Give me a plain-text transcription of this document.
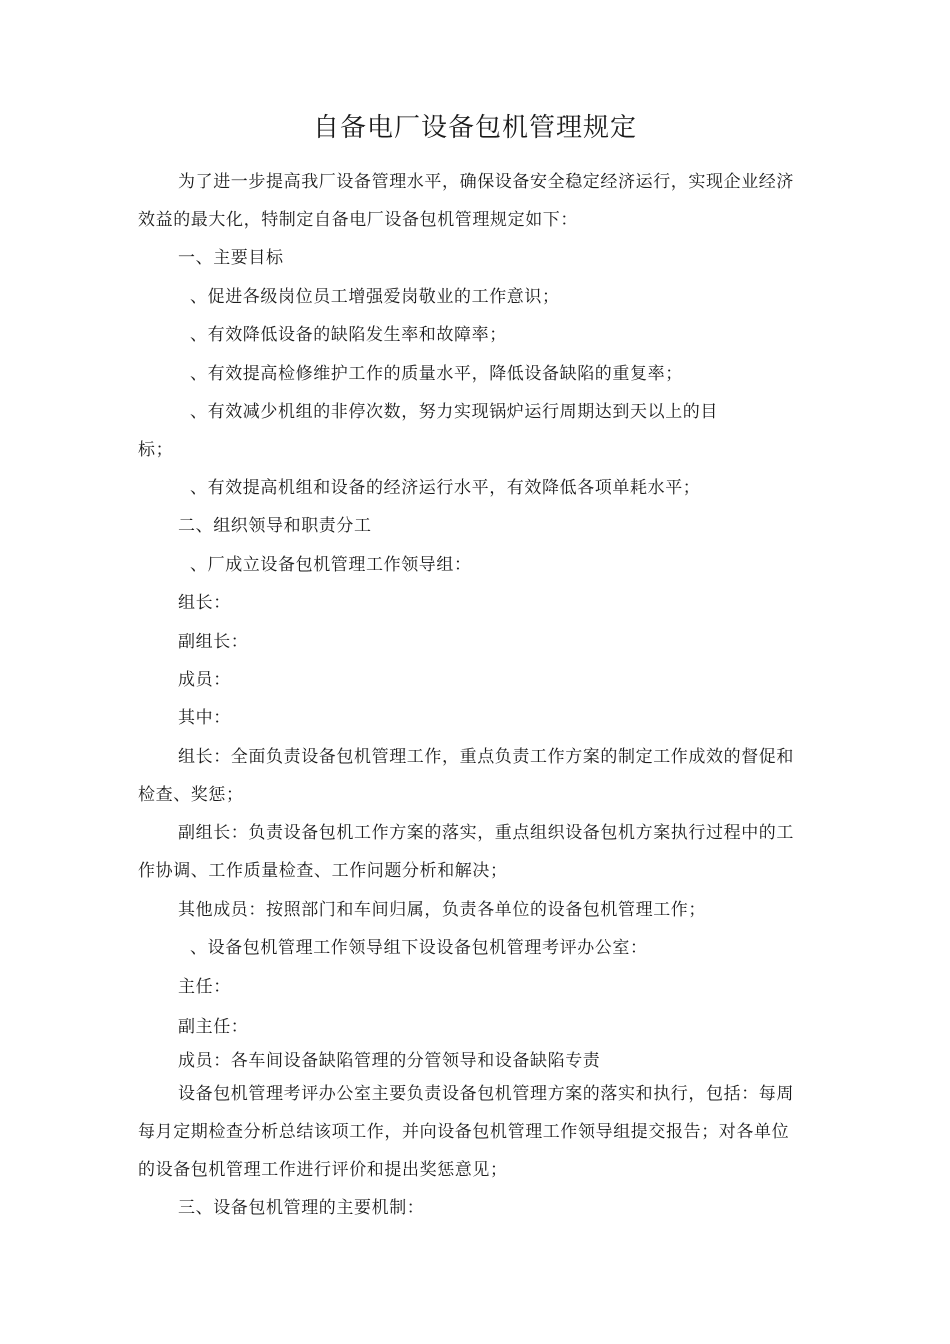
自备电厂设备包机管理规定
为了进一步提高我厂设备管理水平，确保设备安全稳定经济运行，实现企业经济
效益的最大化，特制定自备电厂设备包机管理规定如下：
一、主要目标
、促进各级岗位员工增强爱岗敬业的工作意识；
、有效降低设备的缺陷发生率和故障率；
、有效提高检修维护工作的质量水平，降低设备缺陷的重复率；
、有效减少机组的非停次数，努力实现锅炉运行周期达到天以上的目
标；
、有效提高机组和设备的经济运行水平，有效降低各项单耗水平；
二、组织领导和职责分工
、厂成立设备包机管理工作领导组：
组长：
副组长：
成员：
其中：
组长：全面负责设备包机管理工作，重点负责工作方案的制定工作成效的督促和
检查、奖惩；
副组长：负责设备包机工作方案的落实，重点组织设备包机方案执行过程中的工
作协调、工作质量检查、工作问题分析和解决；
其他成员：按照部门和车间归属，负责各单位的设备包机管理工作；
、设备包机管理工作领导组下设设备包机管理考评办公室：
主任：
副主任：
成员：各车间设备缺陷管理的分管领导和设备缺陷专责
设备包机管理考评办公室主要负责设备包机管理方案的落实和执行，包括：每周
每月定期检查分析总结该项工作，并向设备包机管理工作领导组提交报告；对各单位
的设备包机管理工作进行评价和提出奖惩意见；
三、设备包机管理的主要机制：
